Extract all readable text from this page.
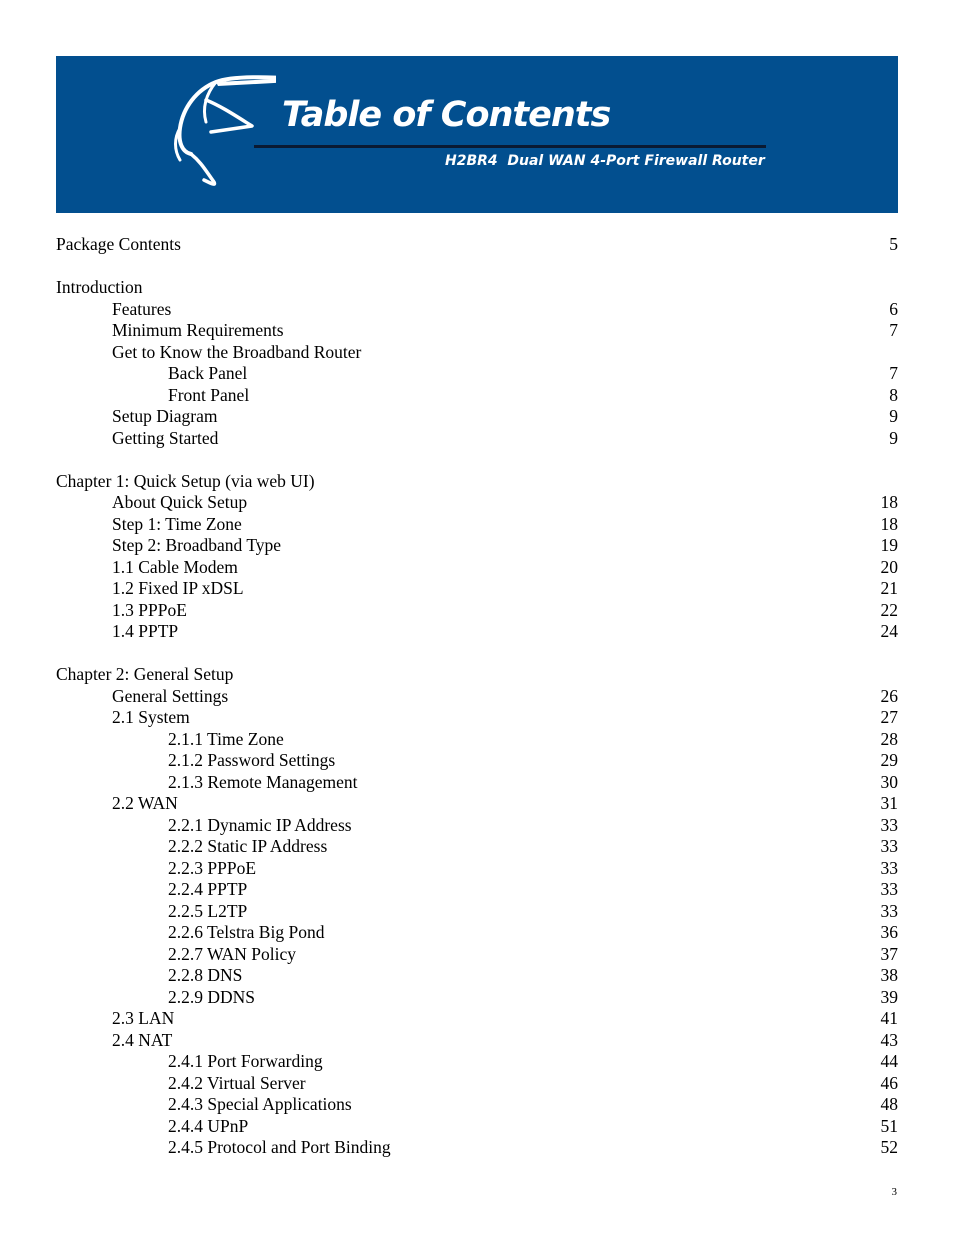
Table of Contents
H2BR4  Dual WAN 4-Port Firewall Router
Package Contents	5
Introduction
Features	6
Minimum Requirements	7
Get to Know the Broadband Router
Back Panel	7
Front Panel	8
Setup Diagram	9
Getting Started	9
Chapter 1: Quick Setup (via web UI)
About Quick Setup	18
Step 1: Time Zone	18
Step 2: Broadband Type	19
1.1 Cable Modem	20
1.2 Fixed IP xDSL	21
1.3 PPPoE	22
1.4 PPTP	24
Chapter 2: General Setup
General Settings	26
2.1 System	27
2.1.1 Time Zone	28
2.1.2 Password Settings	29
2.1.3 Remote Management	30
2.2 WAN	31
2.2.1 Dynamic IP Address	33
2.2.2 Static IP Address	33
2.2.3 PPPoE	33
2.2.4 PPTP	33
2.2.5 L2TP	33
2.2.6 Telstra Big Pond	36
2.2.7 WAN Policy	37
2.2.8 DNS	38
2.2.9 DDNS	39
2.3 LAN	41
2.4 NAT	43
2.4.1 Port Forwarding	44
2.4.2 Virtual Server	46
2.4.3 Special Applications	48
2.4.4 UPnP	51
2.4.5 Protocol and Port Binding	52
3
